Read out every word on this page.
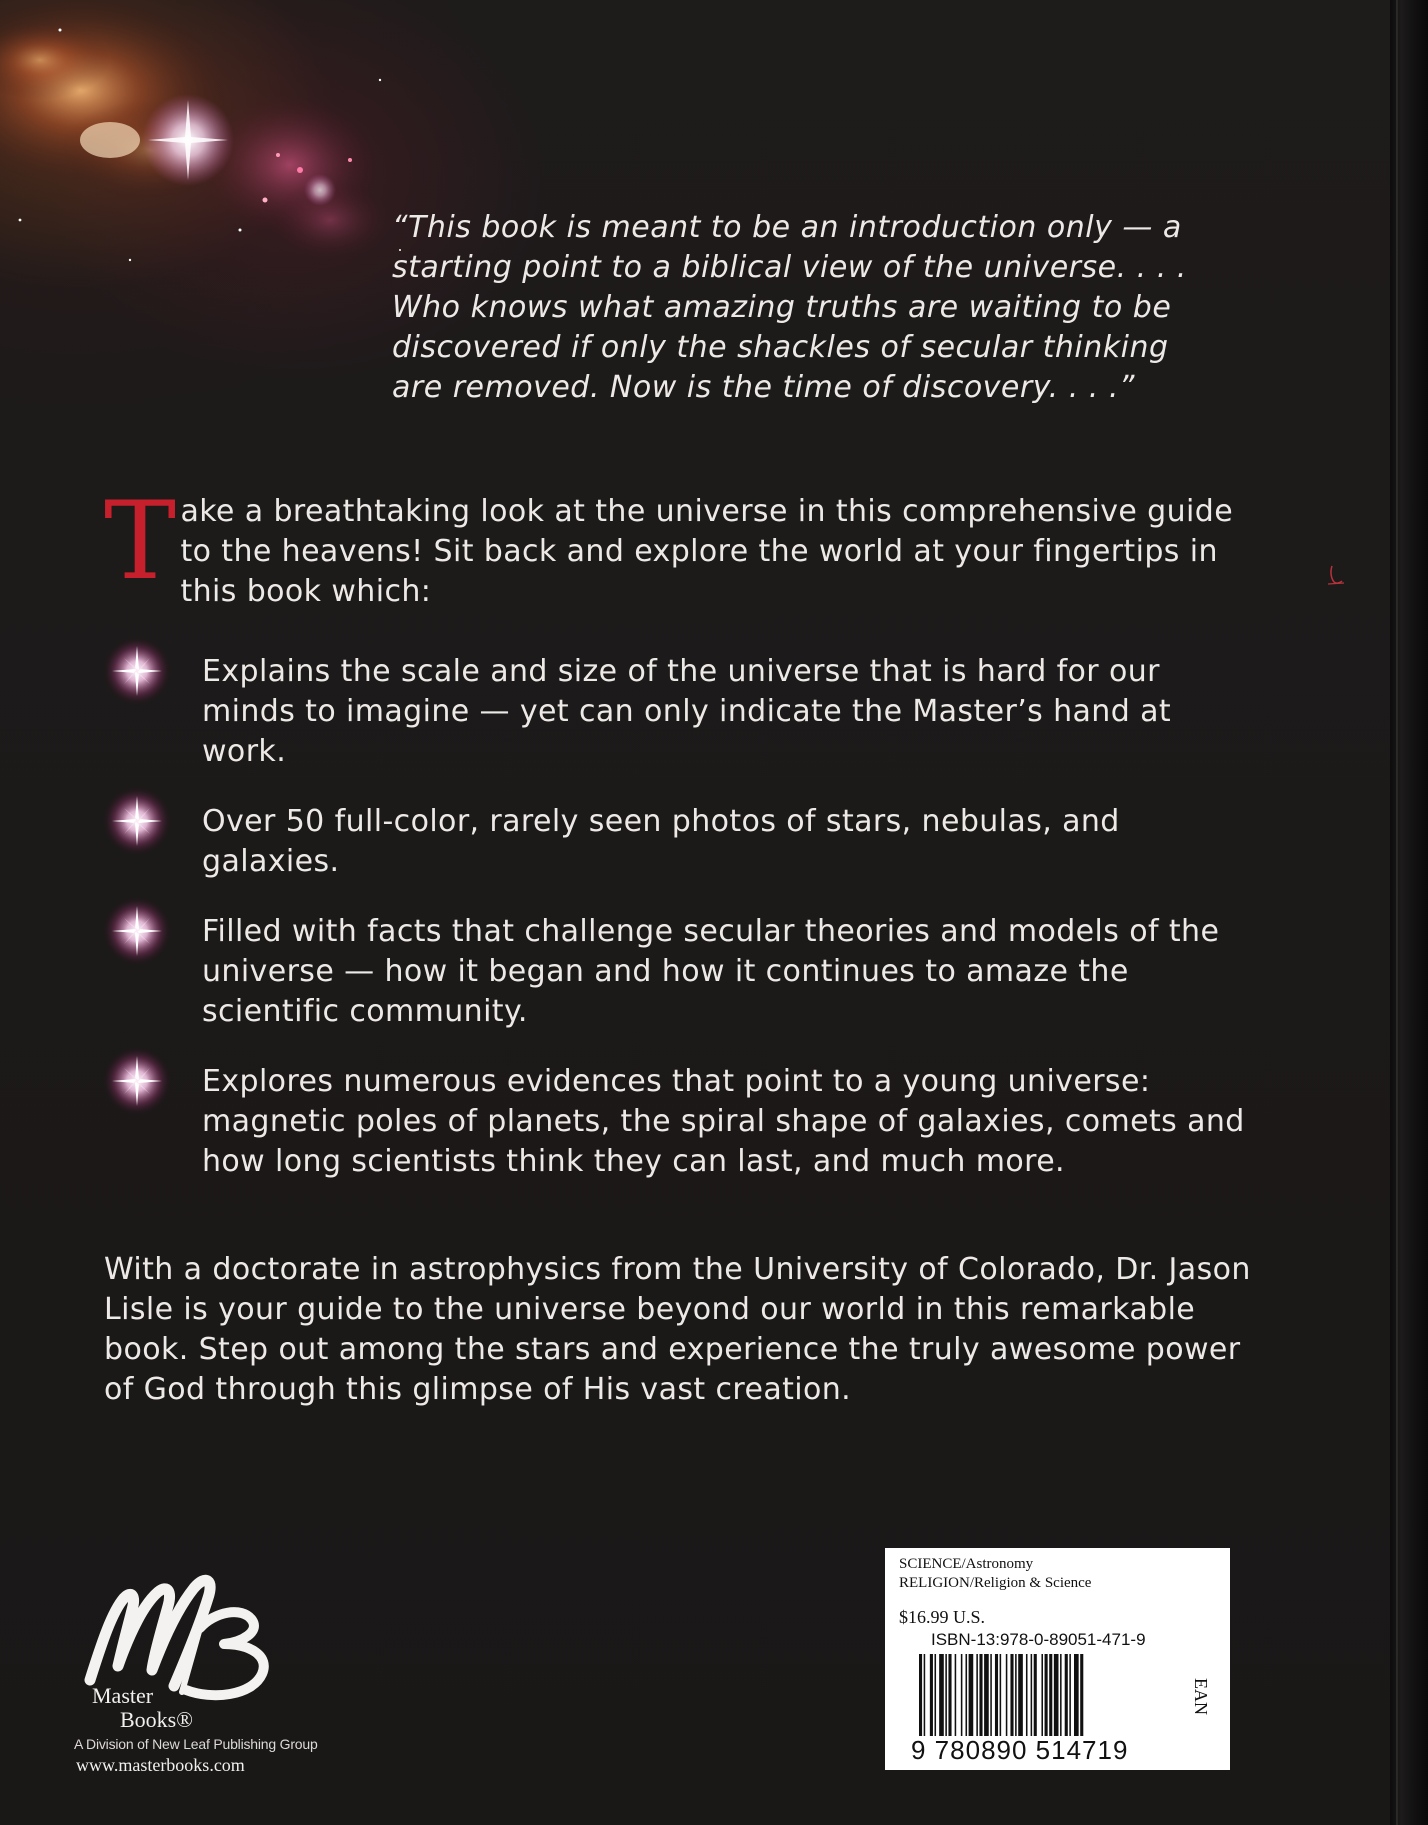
“This book is meant to be an introduction only — a
starting point to a biblical view of the universe. . . .
Who knows what amazing truths are waiting to be
discovered if only the shackles of secular thinking
are removed. Now is the time of discovery. . . .”

T ake a breathtaking look at the universe in this comprehensive guide to the heavens! Sit back and explore the world at your fingertips in this book which:

Explains the scale and size of the universe that is hard for our minds to imagine — yet can only indicate the Master’s hand at work.
Over 50 full-color, rarely seen photos of stars, nebulas, and galaxies.
Filled with facts that challenge secular theories and models of the universe — how it began and how it continues to amaze the scientific community.
Explores numerous evidences that point to a young universe: magnetic poles of planets, the spiral shape of galaxies, comets and how long scientists think they can last, and much more.

With a doctorate in astrophysics from the University of Colorado, Dr. Jason Lisle is your guide to the universe beyond our world in this remarkable book. Step out among the stars and experience the truly awesome power of God through this glimpse of His vast creation.

Master
Books®
A Division of New Leaf Publishing Group
www.masterbooks.com
SCIENCE/Astronomy
RELIGION/Religion & Science
$16.99 U.S.
ISBN-13:978-0-89051-471-9
9 780890 514719
EAN
